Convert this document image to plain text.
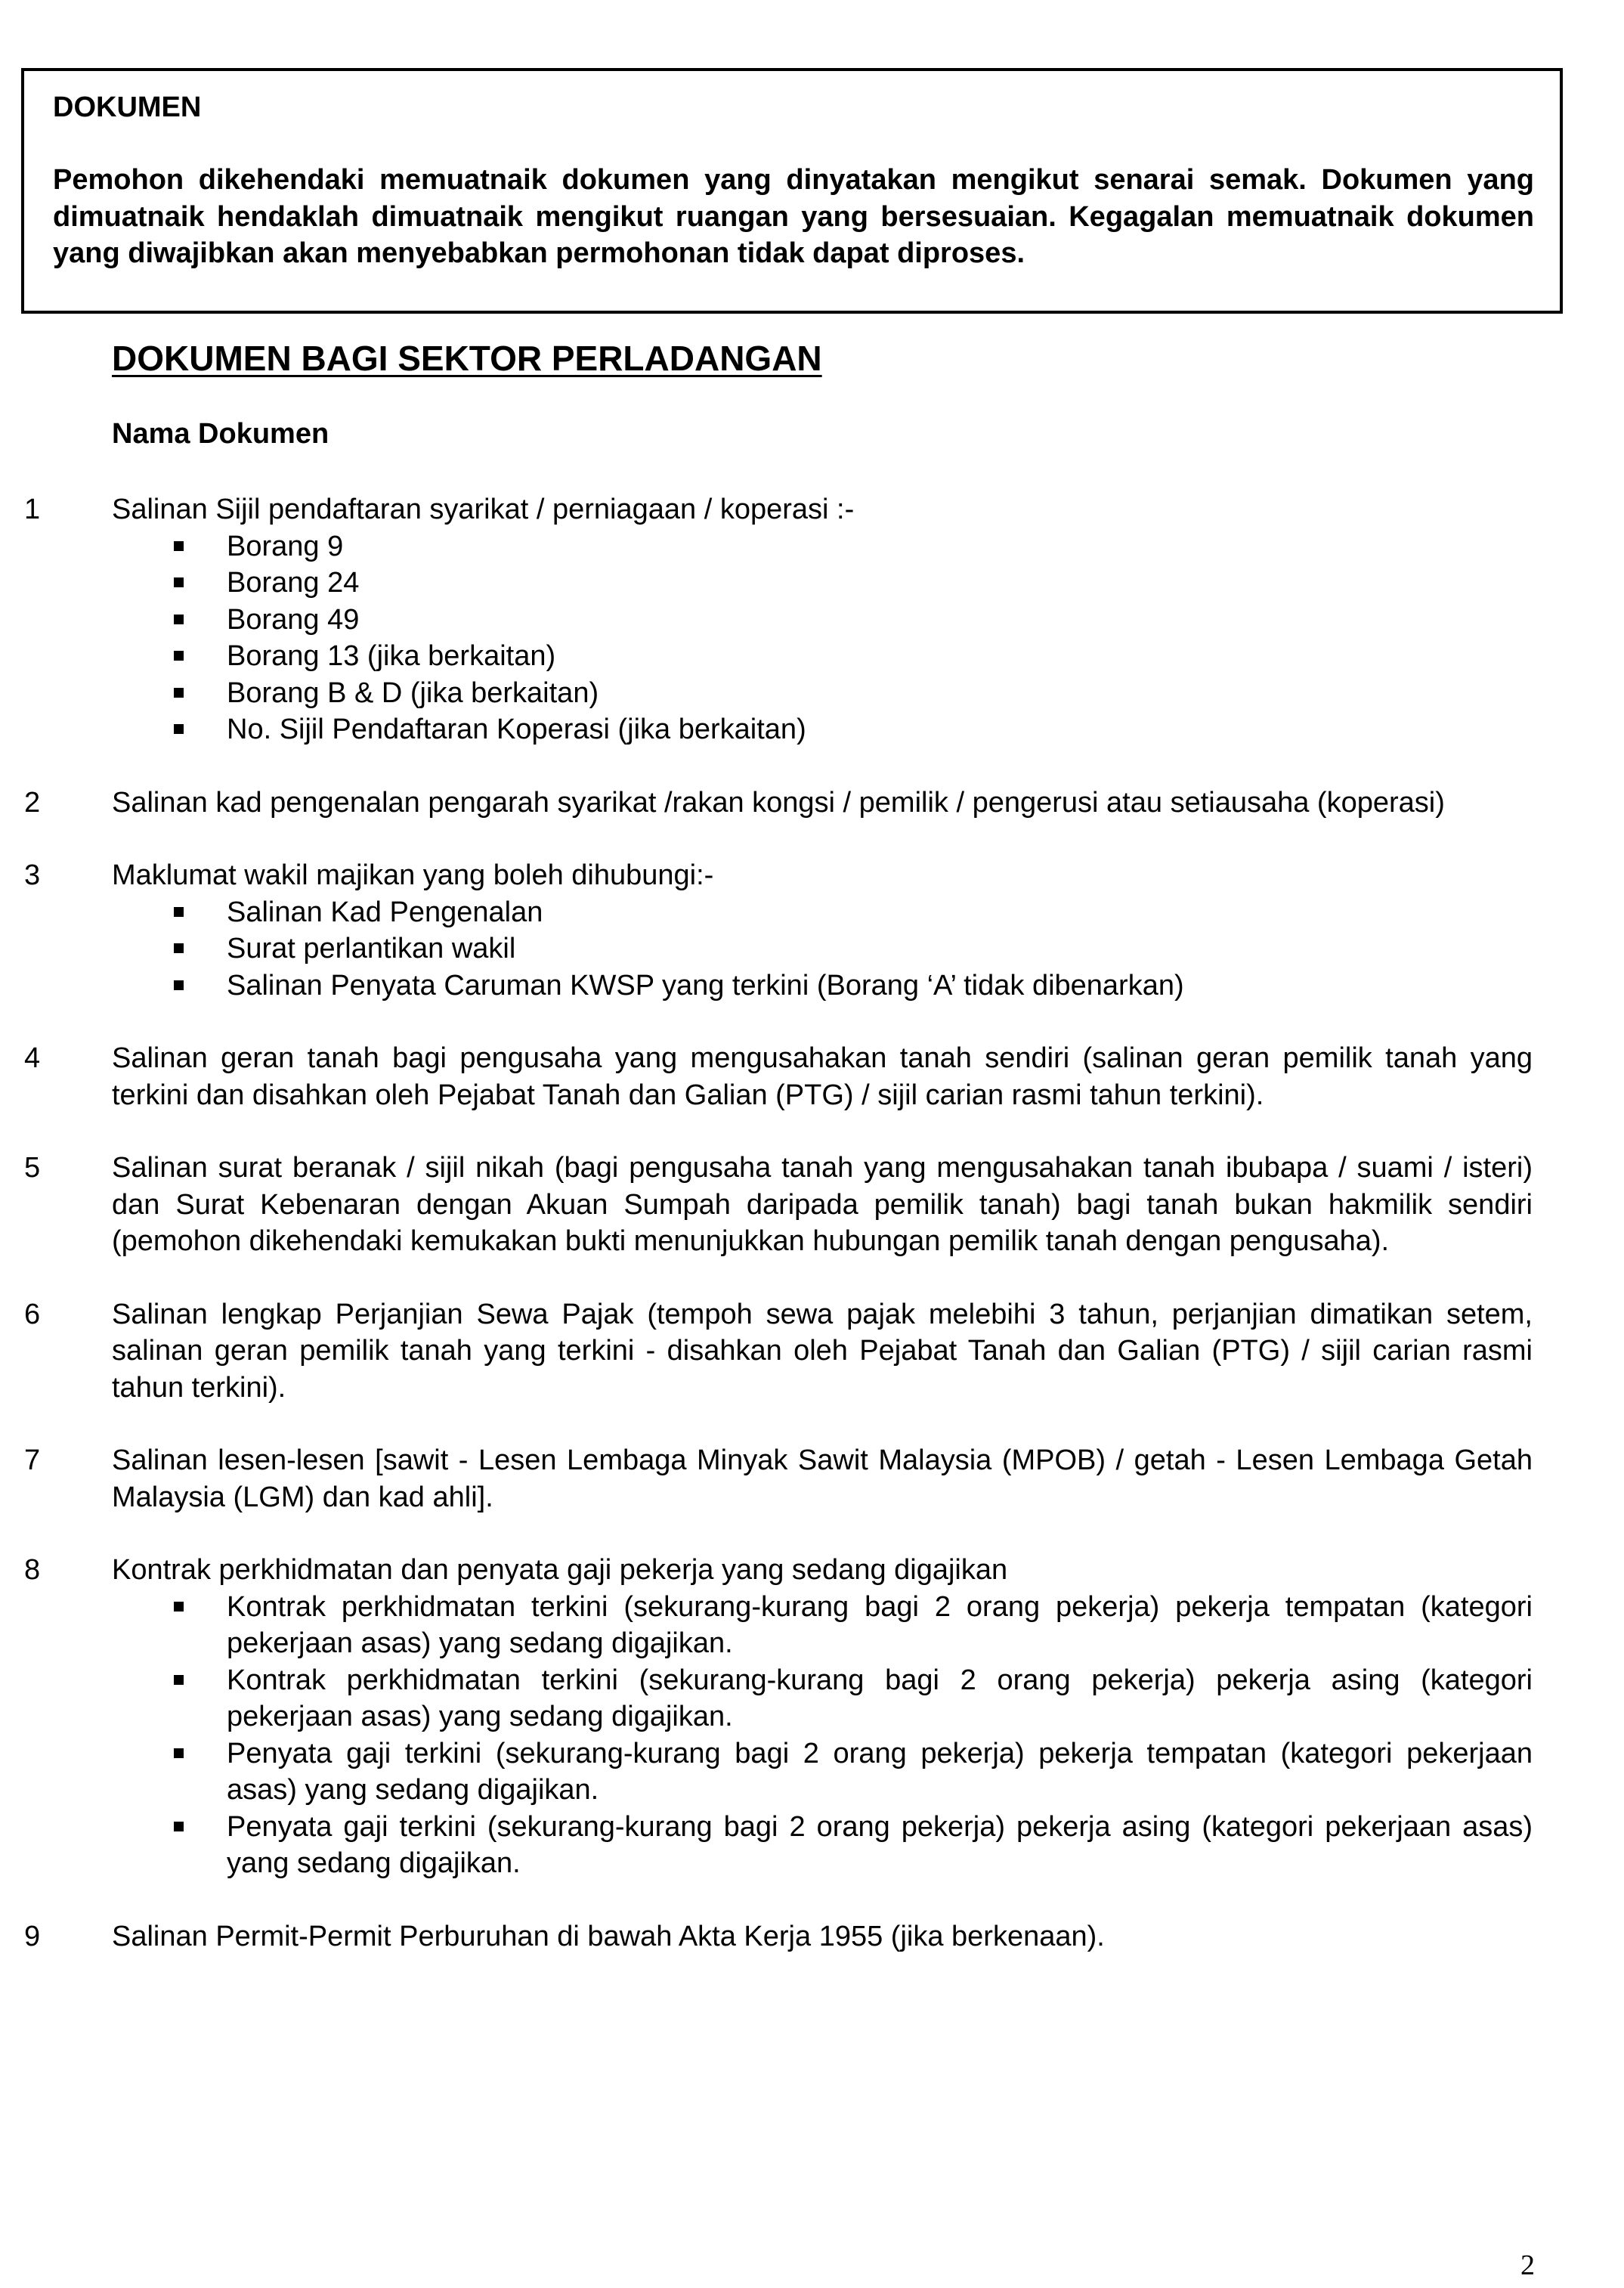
DOKUMEN

Pemohon dikehendaki memuatnaik dokumen yang dinyatakan mengikut senarai semak. Dokumen yang dimuatnaik hendaklah dimuatnaik mengikut ruangan yang bersesuaian. Kegagalan memuatnaik dokumen yang diwajibkan akan menyebabkan permohonan tidak dapat diproses.

DOKUMEN BAGI SEKTOR PERLADANGAN

Nama Dokumen

1	Salinan Sijil pendaftaran syarikat / perniagaan / koperasi :-
Borang 9
Borang 24
Borang 49
Borang 13 (jika berkaitan)
Borang B & D (jika berkaitan)
No. Sijil Pendaftaran Koperasi (jika berkaitan)
2	Salinan kad pengenalan pengarah syarikat /rakan kongsi / pemilik / pengerusi atau setiausaha (koperasi)
3	Maklumat wakil majikan yang boleh dihubungi:-
Salinan Kad Pengenalan
Surat perlantikan wakil
Salinan Penyata Caruman KWSP yang terkini (Borang ‘A’ tidak dibenarkan)
4	Salinan geran tanah bagi pengusaha yang mengusahakan tanah sendiri (salinan geran pemilik tanah yang terkini dan disahkan oleh Pejabat Tanah dan Galian (PTG) / sijil carian rasmi tahun terkini).
5	Salinan surat beranak / sijil nikah (bagi pengusaha tanah yang mengusahakan tanah ibubapa / suami / isteri) dan Surat Kebenaran dengan Akuan Sumpah daripada pemilik tanah) bagi tanah bukan hakmilik sendiri (pemohon dikehendaki kemukakan bukti menunjukkan hubungan pemilik tanah dengan pengusaha).
6	Salinan lengkap Perjanjian Sewa Pajak (tempoh sewa pajak melebihi 3 tahun, perjanjian dimatikan setem, salinan geran pemilik tanah yang terkini - disahkan oleh Pejabat Tanah dan Galian (PTG) / sijil carian rasmi tahun terkini).
7	Salinan lesen-lesen [sawit - Lesen Lembaga Minyak Sawit Malaysia (MPOB) / getah - Lesen Lembaga Getah Malaysia (LGM) dan kad ahli].
8	Kontrak perkhidmatan dan penyata gaji pekerja yang sedang digajikan
Kontrak perkhidmatan terkini (sekurang-kurang bagi 2 orang pekerja) pekerja tempatan (kategori pekerjaan asas) yang sedang digajikan.
Kontrak perkhidmatan terkini (sekurang-kurang bagi 2 orang pekerja) pekerja asing (kategori pekerjaan asas) yang sedang digajikan.
Penyata gaji terkini (sekurang-kurang bagi 2 orang pekerja) pekerja tempatan (kategori pekerjaan asas) yang sedang digajikan.
Penyata gaji terkini (sekurang-kurang bagi 2 orang pekerja) pekerja asing (kategori pekerjaan asas) yang sedang digajikan.
9	Salinan Permit-Permit Perburuhan di bawah Akta Kerja 1955 (jika berkenaan).
2
